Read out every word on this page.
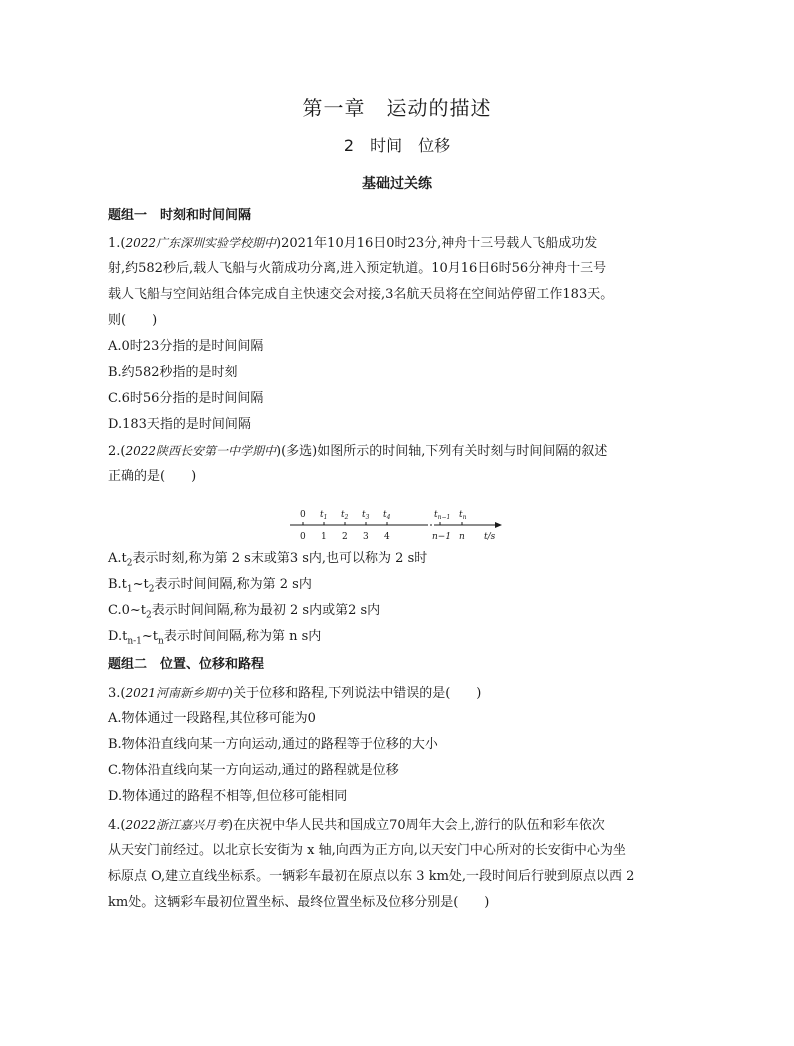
第一章　运动的描述
2　时间　位移
基础过关练
题组一　时刻和时间间隔
1.(2022广东深圳实验学校期中)2021年10月16日0时23分,神舟十三号载人飞船成功发
射,约582秒后,载人飞船与火箭成功分离,进入预定轨道。10月16日6时56分神舟十三号
载人飞船与空间站组合体完成自主快速交会对接,3名航天员将在空间站停留工作183天。
则(　　)
A.0时23分指的是时间间隔
B.约582秒指的是时刻
C.6时56分指的是时间间隔
D.183天指的是时间间隔
2.(2022陕西长安第一中学期中)(多选)如图所示的时间轴,下列有关时刻与时间间隔的叙述
正确的是(　　)
0 $t_1$ $t_2$ $t_3$ $t_4$	$t_{n-1}$ $t_n$
0 1 2 3 4	n−1 n t/s
$A.t_2$表示时刻,称为第 2 s末或第3 s内,也可以称为 2 s时
$B.t_1\sim t_2$表示时间间隔,称为第 2 s内
$C.0\sim t_2$表示时间间隔,称为最初 2 s内或第2 s内
$D.t_{n-1}\sim t_n$表示时间间隔,称为第 n s内
题组二　位置、位移和路程
3.(2021河南新乡期中)关于位移和路程,下列说法中错误的是(　　)
A.物体通过一段路程,其位移可能为0
B.物体沿直线向某一方向运动,通过的路程等于位移的大小
C.物体沿直线向某一方向运动,通过的路程就是位移
D.物体通过的路程不相等,但位移可能相同
4.(2022浙江嘉兴月考)在庆祝中华人民共和国成立70周年大会上,游行的队伍和彩车依次
从天安门前经过。以北京长安街为 x 轴,向西为正方向,以天安门中心所对的长安街中心为坐
标原点 O,建立直线坐标系。一辆彩车最初在原点以东 3 km处,一段时间后行驶到原点以西 2
km处。这辆彩车最初位置坐标、最终位置坐标及位移分别是(　　)
